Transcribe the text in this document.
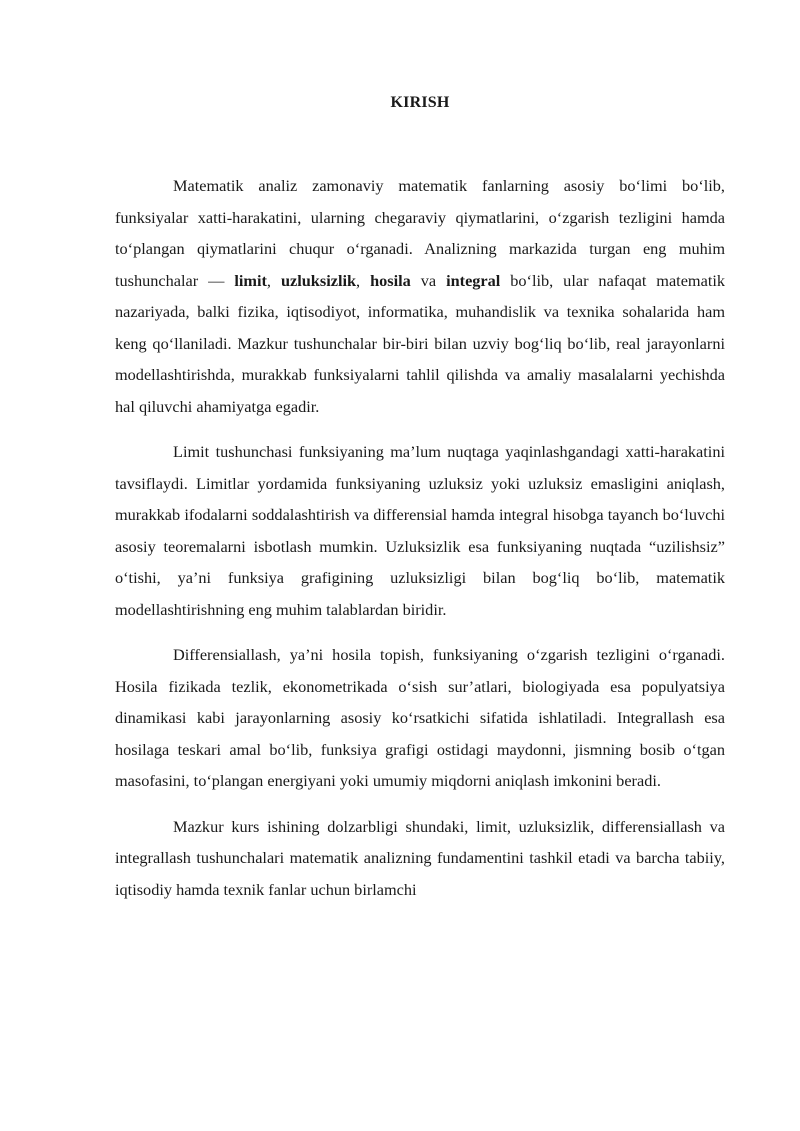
KIRISH

Matematik analiz zamonaviy matematik fanlarning asosiy bo‘limi bo‘lib, funksiyalar xatti-harakatini, ularning chegaraviy qiymatlarini, o‘zgarish tezligini hamda to‘plangan qiymatlarini chuqur o‘rganadi. Analizning markazida turgan eng muhim tushunchalar — limit, uzluksizlik, hosila va integral bo‘lib, ular nafaqat matematik nazariyada, balki fizika, iqtisodiyot, informatika, muhandislik va texnika sohalarida ham keng qo‘llaniladi. Mazkur tushunchalar bir-biri bilan uzviy bog‘liq bo‘lib, real jarayonlarni modellashtirishda, murakkab funksiyalarni tahlil qilishda va amaliy masalalarni yechishda hal qiluvchi ahamiyatga egadir.

Limit tushunchasi funksiyaning ma’lum nuqtaga yaqinlashgandagi xatti-harakatini tavsiflaydi. Limitlar yordamida funksiyaning uzluksiz yoki uzluksiz emasligini aniqlash, murakkab ifodalarni soddalashtirish va differensial hamda integral hisobga tayanch bo‘luvchi asosiy teoremalarni isbotlash mumkin. Uzluksizlik esa funksiyaning nuqtada “uzilishsiz” o‘tishi, ya’ni funksiya grafigining uzluksizligi bilan bog‘liq bo‘lib, matematik modellashtirishning eng muhim talablardan biridir.

Differensiallash, ya’ni hosila topish, funksiyaning o‘zgarish tezligini o‘rganadi. Hosila fizikada tezlik, ekonometrikada o‘sish sur’atlari, biologiyada esa populyatsiya dinamikasi kabi jarayonlarning asosiy ko‘rsatkichi sifatida ishlatiladi. Integrallash esa hosilaga teskari amal bo‘lib, funksiya grafigi ostidagi maydonni, jismning bosib o‘tgan masofasini, to‘plangan energiyani yoki umumiy miqdorni aniqlash imkonini beradi.

Mazkur kurs ishining dolzarbligi shundaki, limit, uzluksizlik, differensiallash va integrallash tushunchalari matematik analizning fundamentini tashkil etadi va barcha tabiiy, iqtisodiy hamda texnik fanlar uchun birlamchi
